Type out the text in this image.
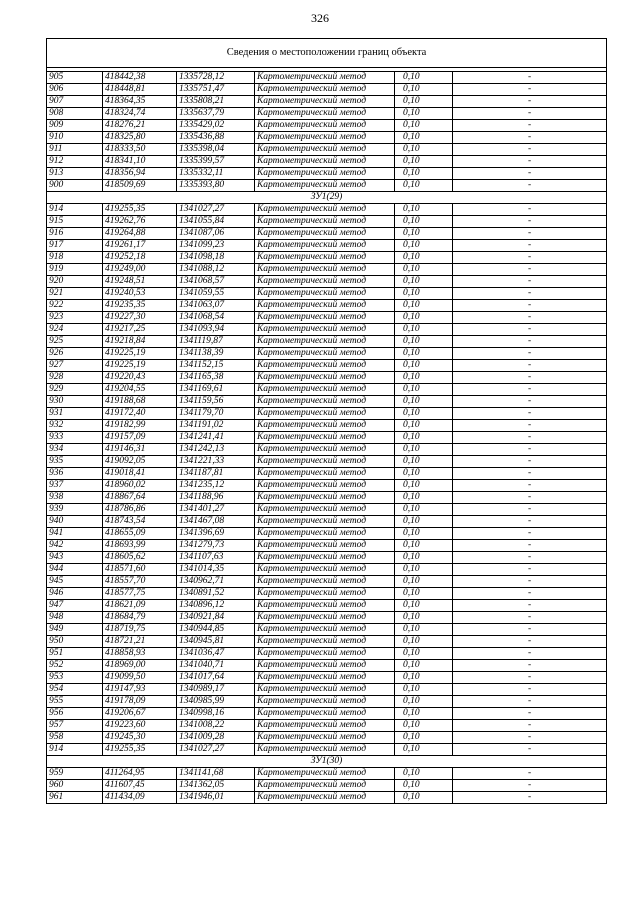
326
Сведения о местоположении границ объекта					

905	418442,38	1335728,12	Картометрический метод	0,10	-
906	418448,81	1335751,47	Картометрический метод	0,10	-
907	418364,35	1335808,21	Картометрический метод	0,10	-
908	418324,74	1335637,79	Картометрический метод	0,10	-
909	418276,21	1335429,02	Картометрический метод	0,10	-
910	418325,80	1335436,88	Картометрический метод	0,10	-
911	418333,50	1335398,04	Картометрический метод	0,10	-
912	418341,10	1335399,57	Картометрический метод	0,10	-
913	418356,94	1335332,11	Картометрический метод	0,10	-
900	418509,69	1335393,80	Картометрический метод	0,10	-
ЗУ1(29)					
914	419255,35	1341027,27	Картометрический метод	0,10	-
915	419262,76	1341055,84	Картометрический метод	0,10	-
916	419264,88	1341087,06	Картометрический метод	0,10	-
917	419261,17	1341099,23	Картометрический метод	0,10	-
918	419252,18	1341098,18	Картометрический метод	0,10	-
919	419249,00	1341088,12	Картометрический метод	0,10	-
920	419248,51	1341068,57	Картометрический метод	0,10	-
921	419240,53	1341059,55	Картометрический метод	0,10	-
922	419235,35	1341063,07	Картометрический метод	0,10	-
923	419227,30	1341068,54	Картометрический метод	0,10	-
924	419217,25	1341093,94	Картометрический метод	0,10	-
925	419218,84	1341119,87	Картометрический метод	0,10	-
926	419225,19	1341138,39	Картометрический метод	0,10	-
927	419225,19	1341152,15	Картометрический метод	0,10	-
928	419220,43	1341165,38	Картометрический метод	0,10	-
929	419204,55	1341169,61	Картометрический метод	0,10	-
930	419188,68	1341159,56	Картометрический метод	0,10	-
931	419172,40	1341179,70	Картометрический метод	0,10	-
932	419182,99	1341191,02	Картометрический метод	0,10	-
933	419157,09	1341241,41	Картометрический метод	0,10	-
934	419146,31	1341242,13	Картометрический метод	0,10	-
935	419092,05	1341221,33	Картометрический метод	0,10	-
936	419018,41	1341187,81	Картометрический метод	0,10	-
937	418960,02	1341235,12	Картометрический метод	0,10	-
938	418867,64	1341188,96	Картометрический метод	0,10	-
939	418786,86	1341401,27	Картометрический метод	0,10	-
940	418743,54	1341467,08	Картометрический метод	0,10	-
941	418655,09	1341396,69	Картометрический метод	0,10	-
942	418693,99	1341279,73	Картометрический метод	0,10	-
943	418605,62	1341107,63	Картометрический метод	0,10	-
944	418571,60	1341014,35	Картометрический метод	0,10	-
945	418557,70	1340962,71	Картометрический метод	0,10	-
946	418577,75	1340891,52	Картометрический метод	0,10	-
947	418621,09	1340896,12	Картометрический метод	0,10	-
948	418684,79	1340921,84	Картометрический метод	0,10	-
949	418719,75	1340944,85	Картометрический метод	0,10	-
950	418721,21	1340945,81	Картометрический метод	0,10	-
951	418858,93	1341036,47	Картометрический метод	0,10	-
952	418969,00	1341040,71	Картометрический метод	0,10	-
953	419099,50	1341017,64	Картометрический метод	0,10	-
954	419147,93	1340989,17	Картометрический метод	0,10	-
955	419178,09	1340985,99	Картометрический метод	0,10	-
956	419206,67	1340998,16	Картометрический метод	0,10	-
957	419223,60	1341008,22	Картометрический метод	0,10	-
958	419245,30	1341009,28	Картометрический метод	0,10	-
914	419255,35	1341027,27	Картометрический метод	0,10	-
ЗУ1(30)					
959	411264,95	1341141,68	Картометрический метод	0,10	-
960	411607,45	1341362,05	Картометрический метод	0,10	-
961	411434,09	1341946,01	Картометрический метод	0,10	-
